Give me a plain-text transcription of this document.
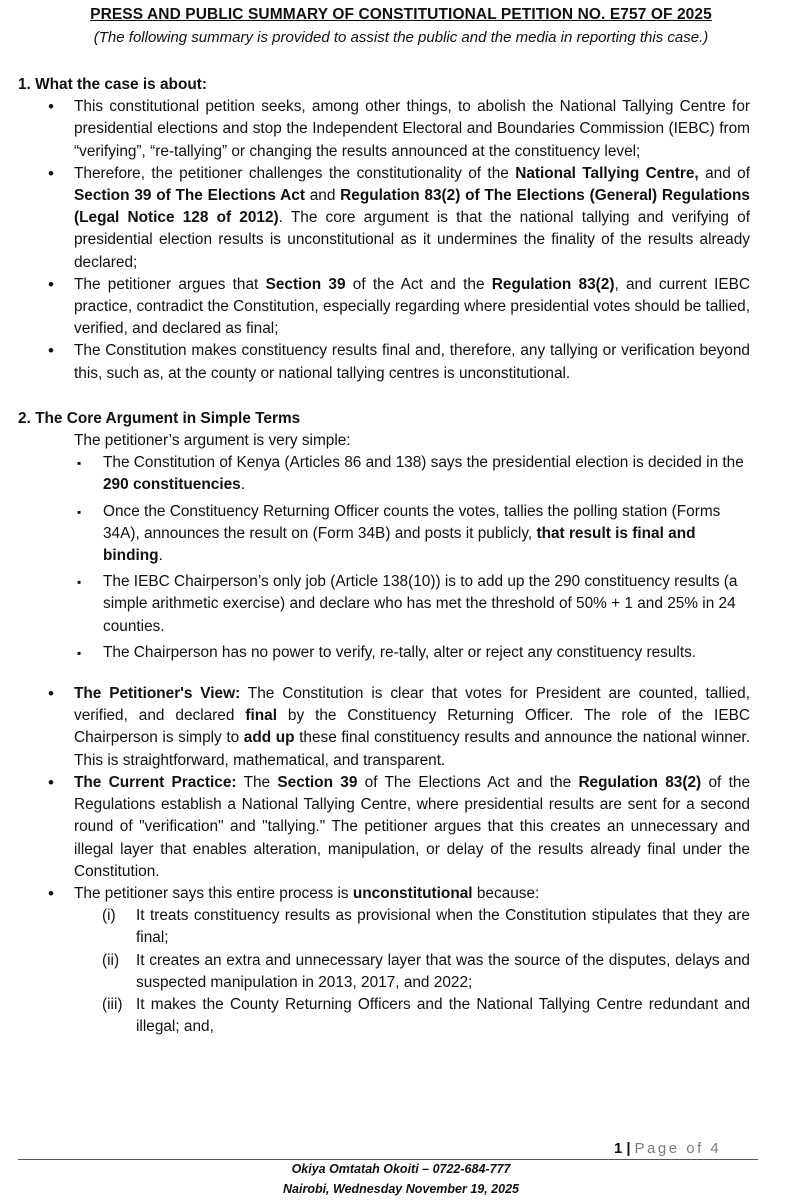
PRESS AND PUBLIC SUMMARY OF CONSTITUTIONAL PETITION NO. E757 OF 2025
(The following summary is provided to assist the public and the media in reporting this case.)

1. What the case is about:

• This constitutional petition seeks, among other things, to abolish the National Tallying Centre for presidential elections and stop the Independent Electoral and Boundaries Commission (IEBC) from “verifying”, “re-tallying” or changing the results announced at the constituency level;
• Therefore, the petitioner challenges the constitutionality of the National Tallying Centre, and of Section 39 of The Elections Act and Regulation 83(2) of The Elections (General) Regulations (Legal Notice 128 of 2012). The core argument is that the national tallying and verifying of presidential election results is unconstitutional as it undermines the finality of the results already declared;
• The petitioner argues that Section 39 of the Act and the Regulation 83(2), and current IEBC practice, contradict the Constitution, especially regarding where presidential votes should be tallied, verified, and declared as final;
• The Constitution makes constituency results final and, therefore, any tallying or verification beyond this, such as, at the county or national tallying centres is unconstitutional.

2. The Core Argument in Simple Terms

The petitioner’s argument is very simple:

▪ The Constitution of Kenya (Articles 86 and 138) says the presidential election is decided in the 290 constituencies.
▪ Once the Constituency Returning Officer counts the votes, tallies the polling station (Forms 34A), announces the result on (Form 34B) and posts it publicly, that result is final and binding.
▪ The IEBC Chairperson’s only job (Article 138(10)) is to add up the 290 constituency results (a simple arithmetic exercise) and declare who has met the threshold of 50% + 1 and 25% in 24 counties.
▪ The Chairperson has no power to verify, re-tally, alter or reject any constituency results.
• The Petitioner's View: The Constitution is clear that votes for President are counted, tallied, verified, and declared final by the Constituency Returning Officer. The role of the IEBC Chairperson is simply to add up these final constituency results and announce the national winner. This is straightforward, mathematical, and transparent.
• The Current Practice: The Section 39 of The Elections Act and the Regulation 83(2) of the Regulations establish a National Tallying Centre, where presidential results are sent for a second round of "verification" and "tallying." The petitioner argues that this creates an unnecessary and illegal layer that enables alteration, manipulation, or delay of the results already final under the Constitution.
• The petitioner says this entire process is unconstitutional because:
(i) It treats constituency results as provisional when the Constitution stipulates that they are final;
(ii) It creates an extra and unnecessary layer that was the source of the disputes, delays and suspected manipulation in 2013, 2017, and 2022;
(iii) It makes the County Returning Officers and the National Tallying Centre redundant and illegal; and,
1 | Page of 4
Okiya Omtatah Okoiti – 0722-684-777
Nairobi, Wednesday November 19, 2025
